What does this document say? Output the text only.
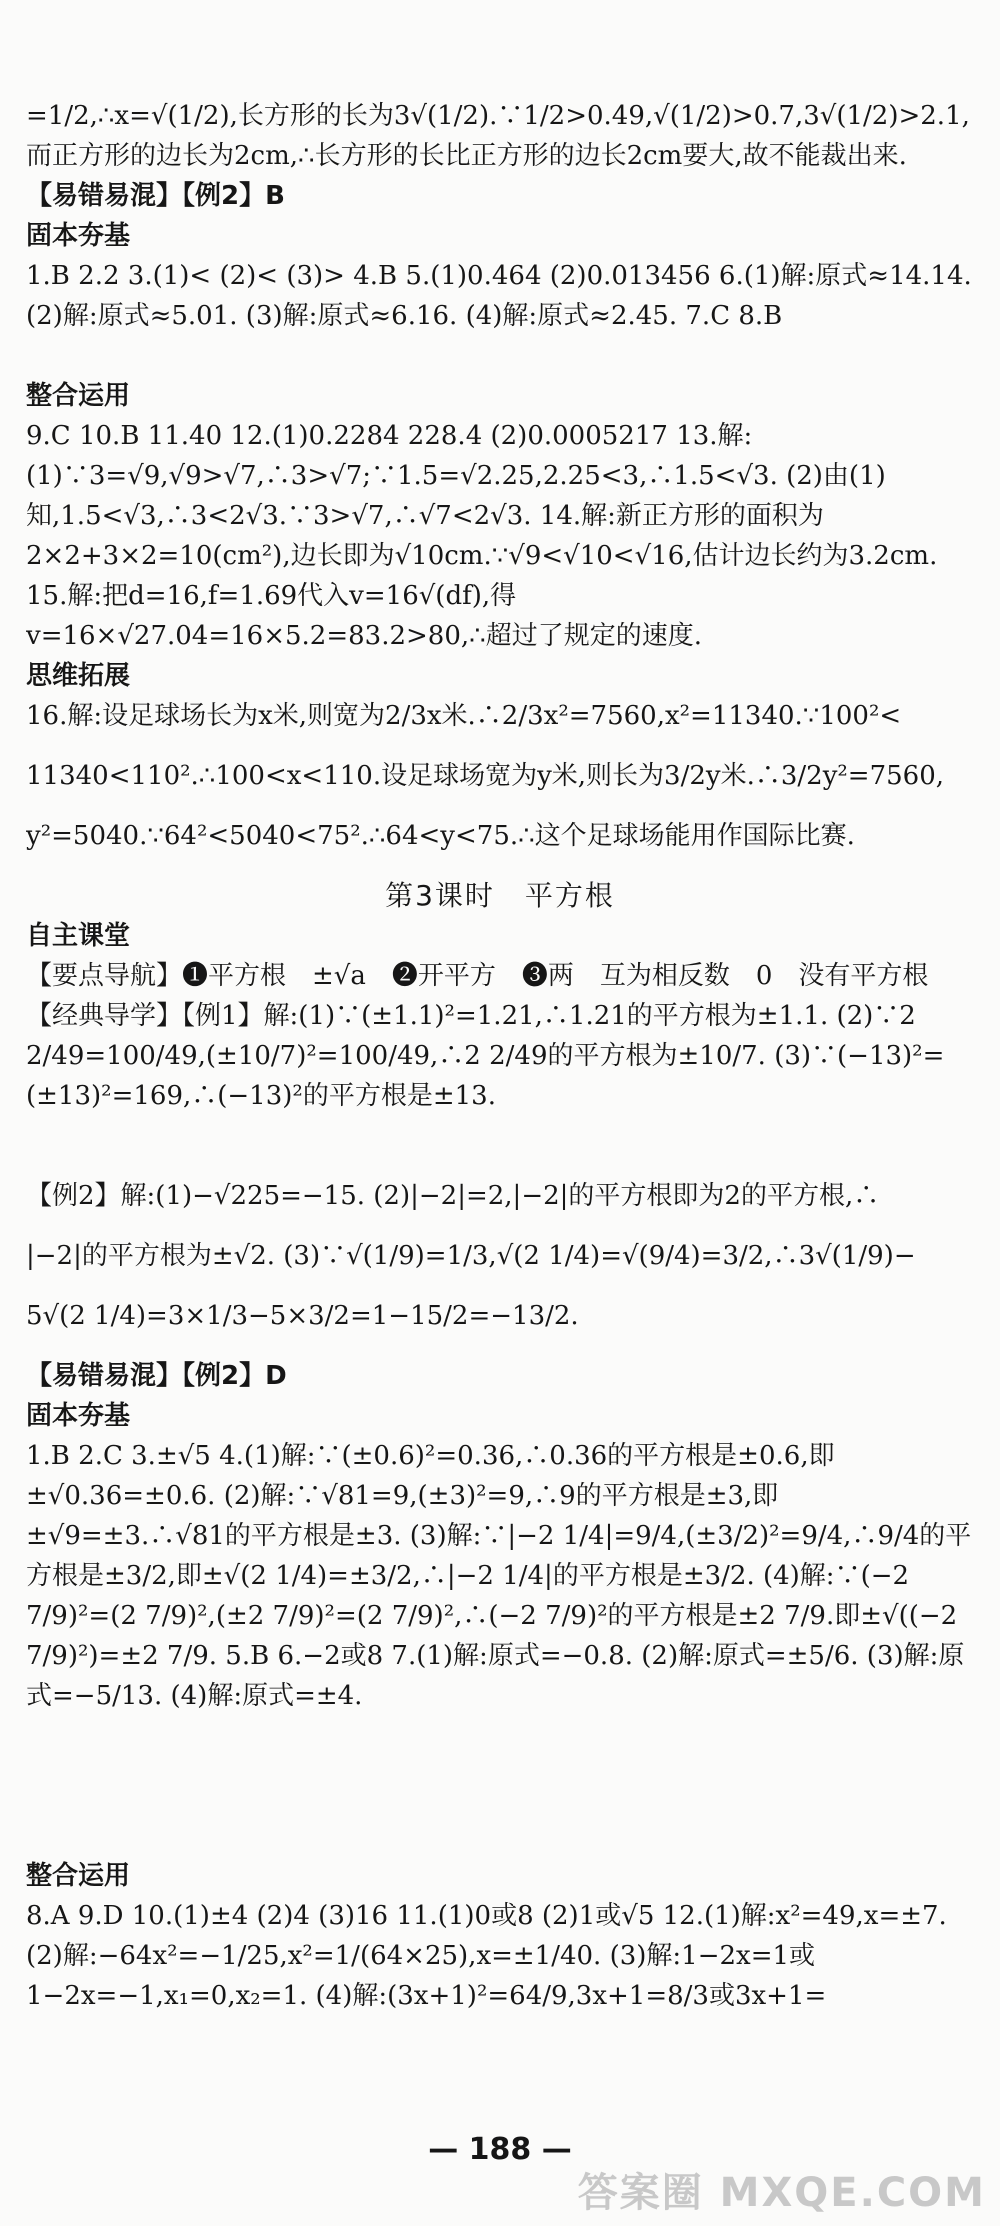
=1/2,∴x=√(1/2),长方形的长为3√(1/2).∵1/2>0.49,√(1/2)>0.7,3√(1/2)>2.1,
而正方形的边长为2cm,∴长方形的长比正方形的边长2cm要大,故不能裁出来.
【易错易混】【例2】B
固本夯基
1.B 2.2 3.(1)< (2)< (3)> 4.B 5.(1)0.464 (2)0.013456 6.(1)解:原式≈14.14. (2)解:原式≈5.01. (3)解:原式≈6.16. (4)解:原式≈2.45. 7.C 8.B
整合运用
9.C 10.B 11.40 12.(1)0.2284 228.4 (2)0.0005217 13.解:(1)∵3=√9,√9>√7,∴3>√7;∵1.5=√2.25,2.25<3,∴1.5<√3. (2)由(1)知,1.5<√3,∴3<2√3.∵3>√7,∴√7<2√3. 14.解:新正方形的面积为2×2+3×2=10(cm²),边长即为√10cm.∵√9<√10<√16,估计边长约为3.2cm. 15.解:把d=16,f=1.69代入v=16√(df),得v=16×√27.04=16×5.2=83.2>80,∴超过了规定的速度.
思维拓展
16.解:设足球场长为x米,则宽为2/3x米.∴2/3x²=7560,x²=11340.∵100²<
11340<110².∴100<x<110.设足球场宽为y米,则长为3/2y米.∴3/2y²=7560,
y²=5040.∵64²<5040<75².∴64<y<75.∴这个足球场能用作国际比赛.
第3课时　平方根
自主课堂
【要点导航】❶平方根　±√a　❷开平方　❸两　互为相反数　0　没有平方根
【经典导学】【例1】解:(1)∵(±1.1)²=1.21,∴1.21的平方根为±1.1. (2)∵2 2/49=100/49,(±10/7)²=100/49,∴2 2/49的平方根为±10/7. (3)∵(−13)²=(±13)²=169,∴(−13)²的平方根是±13.
【例2】解:(1)−√225=−15. (2)|−2|=2,|−2|的平方根即为2的平方根,∴
|−2|的平方根为±√2. (3)∵√(1/9)=1/3,√(2 1/4)=√(9/4)=3/2,∴3√(1/9)−
5√(2 1/4)=3×1/3−5×3/2=1−15/2=−13/2.
【易错易混】【例2】D
固本夯基
1.B 2.C 3.±√5 4.(1)解:∵(±0.6)²=0.36,∴0.36的平方根是±0.6,即±√0.36=±0.6. (2)解:∵√81=9,(±3)²=9,∴9的平方根是±3,即±√9=±3.∴√81的平方根是±3. (3)解:∵|−2 1/4|=9/4,(±3/2)²=9/4,∴9/4的平方根是±3/2,即±√(2 1/4)=±3/2,∴|−2 1/4|的平方根是±3/2. (4)解:∵(−2 7/9)²=(2 7/9)²,(±2 7/9)²=(2 7/9)²,∴(−2 7/9)²的平方根是±2 7/9.即±√((−2 7/9)²)=±2 7/9. 5.B 6.−2或8 7.(1)解:原式=−0.8. (2)解:原式=±5/6. (3)解:原式=−5/13. (4)解:原式=±4.
整合运用
8.A 9.D 10.(1)±4 (2)4 (3)16 11.(1)0或8 (2)1或√5 12.(1)解:x²=49,x=±7. (2)解:−64x²=−1/25,x²=1/(64×25),x=±1/40. (3)解:1−2x=1或1−2x=−1,x₁=0,x₂=1. (4)解:(3x+1)²=64/9,3x+1=8/3或3x+1=
— 188 —
答案圈 MXQE.COM
